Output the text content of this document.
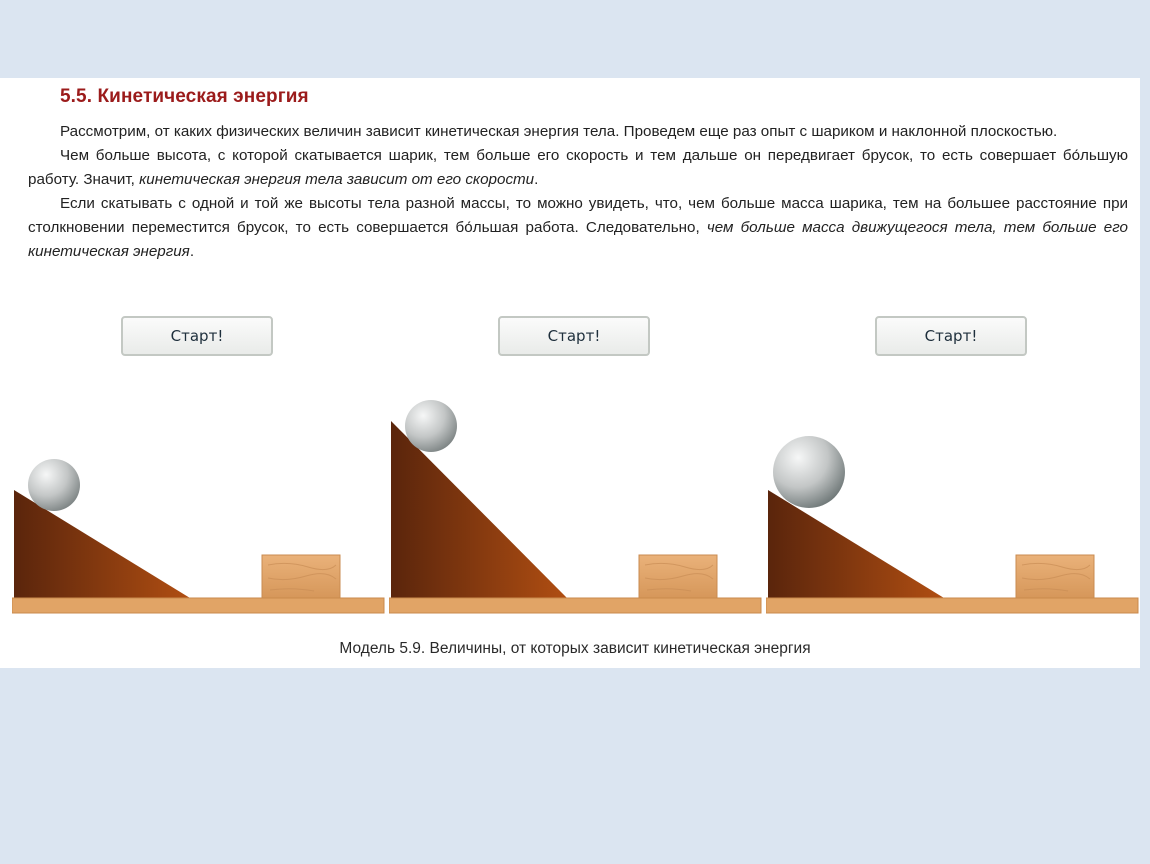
5.5. Кинетическая энергия

Рассмотрим, от каких физических величин зависит кинетическая энергия тела. Проведем еще раз опыт с шариком и наклонной плоскостью.

Чем больше высота, с которой скатывается шарик, тем больше его скорость и тем дальше он передвигает брусок, то есть совершает бо́льшую работу. Значит, кинетическая энергия тела зависит от его скорости.

Если скатывать с одной и той же высоты тела разной массы, то можно увидеть, что, чем больше масса шарика, тем на большее расстояние при столкновении переместится брусок, то есть совершается бо́льшая работа. Следовательно, чем больше масса движущегося тела, тем больше его кинетическая энергия.

Старт!	Старт!	Старт!
Модель 5.9. Величины, от которых зависит кинетическая энергия
